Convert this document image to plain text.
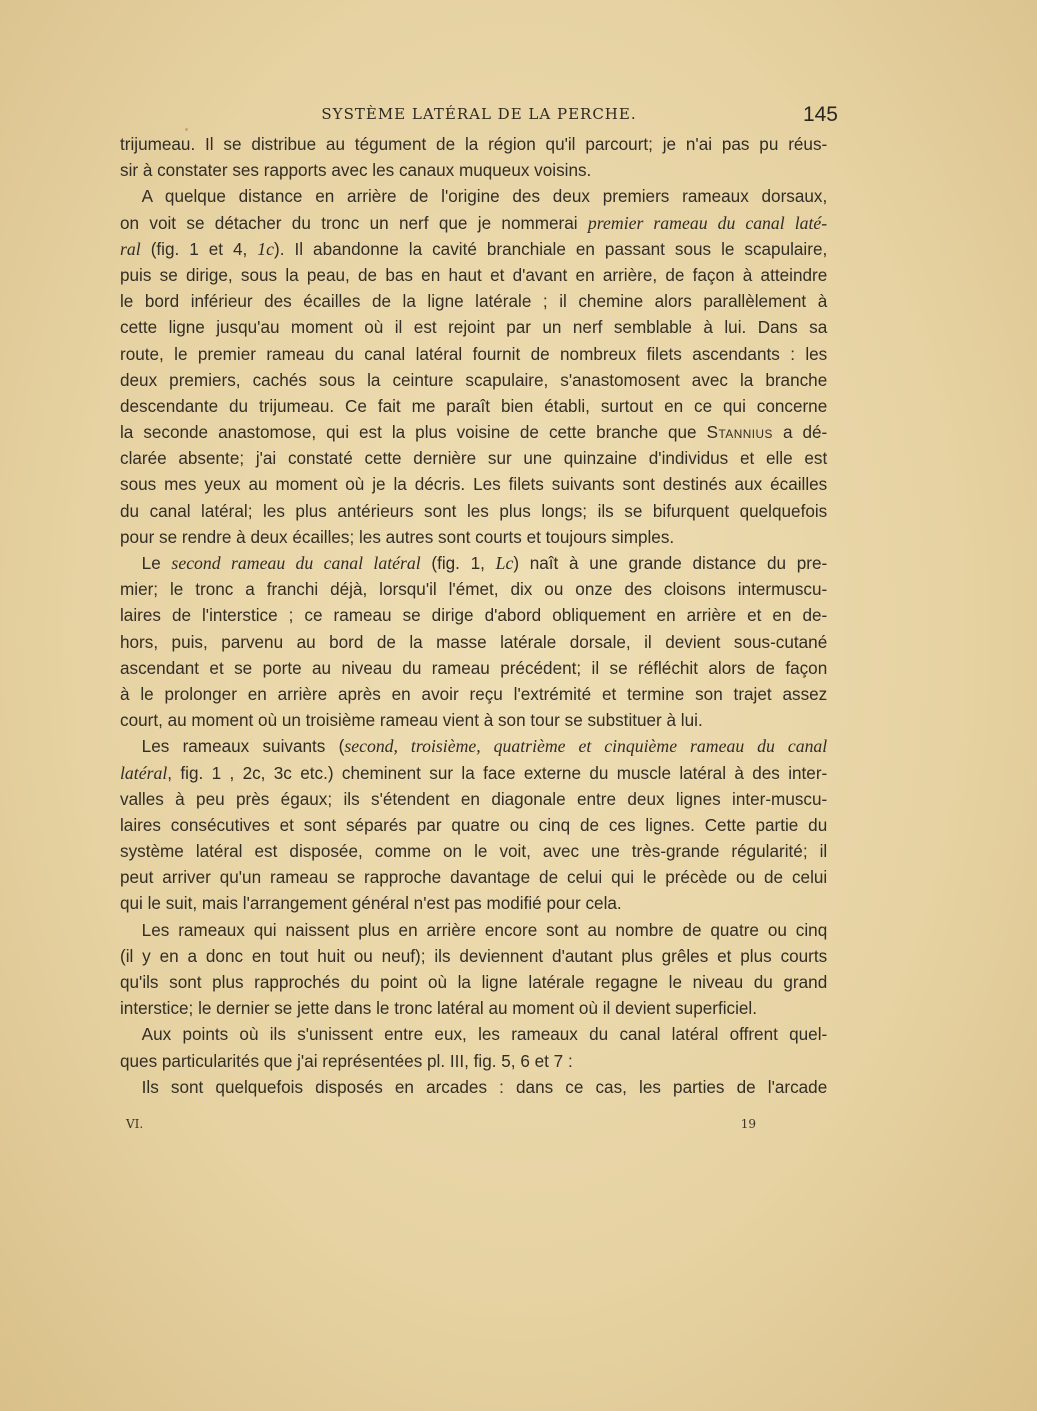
SYSTÈME LATÉRAL DE LA PERCHE.	145
trijumeau. Il se distribue au tégument de la région qu'il parcourt; je n'ai pas pu réus-
sir à constater ses rapports avec les canaux muqueux voisins.
A quelque distance en arrière de l'origine des deux premiers rameaux dorsaux,
on voit se détacher du tronc un nerf que je nommerai premier rameau du canal laté-
ral (fig. 1 et 4, 1c). Il abandonne la cavité branchiale en passant sous le scapulaire,
puis se dirige, sous la peau, de bas en haut et d'avant en arrière, de façon à atteindre
le bord inférieur des écailles de la ligne latérale ; il chemine alors parallèlement à
cette ligne jusqu'au moment où il est rejoint par un nerf semblable à lui. Dans sa
route, le premier rameau du canal latéral fournit de nombreux filets ascendants : les
deux premiers, cachés sous la ceinture scapulaire, s'anastomosent avec la branche
descendante du trijumeau. Ce fait me paraît bien établi, surtout en ce qui concerne
la seconde anastomose, qui est la plus voisine de cette branche que Stannius a dé-
clarée absente; j'ai constaté cette dernière sur une quinzaine d'individus et elle est
sous mes yeux au moment où je la décris. Les filets suivants sont destinés aux écailles
du canal latéral; les plus antérieurs sont les plus longs; ils se bifurquent quelquefois
pour se rendre à deux écailles; les autres sont courts et toujours simples.
Le second rameau du canal latéral (fig. 1, Lc) naît à une grande distance du pre-
mier; le tronc a franchi déjà, lorsqu'il l'émet, dix ou onze des cloisons intermuscu-
laires de l'interstice ; ce rameau se dirige d'abord obliquement en arrière et en de-
hors, puis, parvenu au bord de la masse latérale dorsale, il devient sous-cutané
ascendant et se porte au niveau du rameau précédent; il se réfléchit alors de façon
à le prolonger en arrière après en avoir reçu l'extrémité et termine son trajet assez
court, au moment où un troisième rameau vient à son tour se substituer à lui.
Les rameaux suivants (second, troisième, quatrième et cinquième rameau du canal
latéral, fig. 1 , 2c, 3c etc.) cheminent sur la face externe du muscle latéral à des inter-
valles à peu près égaux; ils s'étendent en diagonale entre deux lignes inter-muscu-
laires consécutives et sont séparés par quatre ou cinq de ces lignes. Cette partie du
système latéral est disposée, comme on le voit, avec une très-grande régularité; il
peut arriver qu'un rameau se rapproche davantage de celui qui le précède ou de celui
qui le suit, mais l'arrangement général n'est pas modifié pour cela.
Les rameaux qui naissent plus en arrière encore sont au nombre de quatre ou cinq
(il y en a donc en tout huit ou neuf); ils deviennent d'autant plus grêles et plus courts
qu'ils sont plus rapprochés du point où la ligne latérale regagne le niveau du grand
interstice; le dernier se jette dans le tronc latéral au moment où il devient superficiel.
Aux points où ils s'unissent entre eux, les rameaux du canal latéral offrent quel-
ques particularités que j'ai représentées pl. III, fig. 5, 6 et 7 :
Ils sont quelquefois disposés en arcades : dans ce cas, les parties de l'arcade
VI.	19
